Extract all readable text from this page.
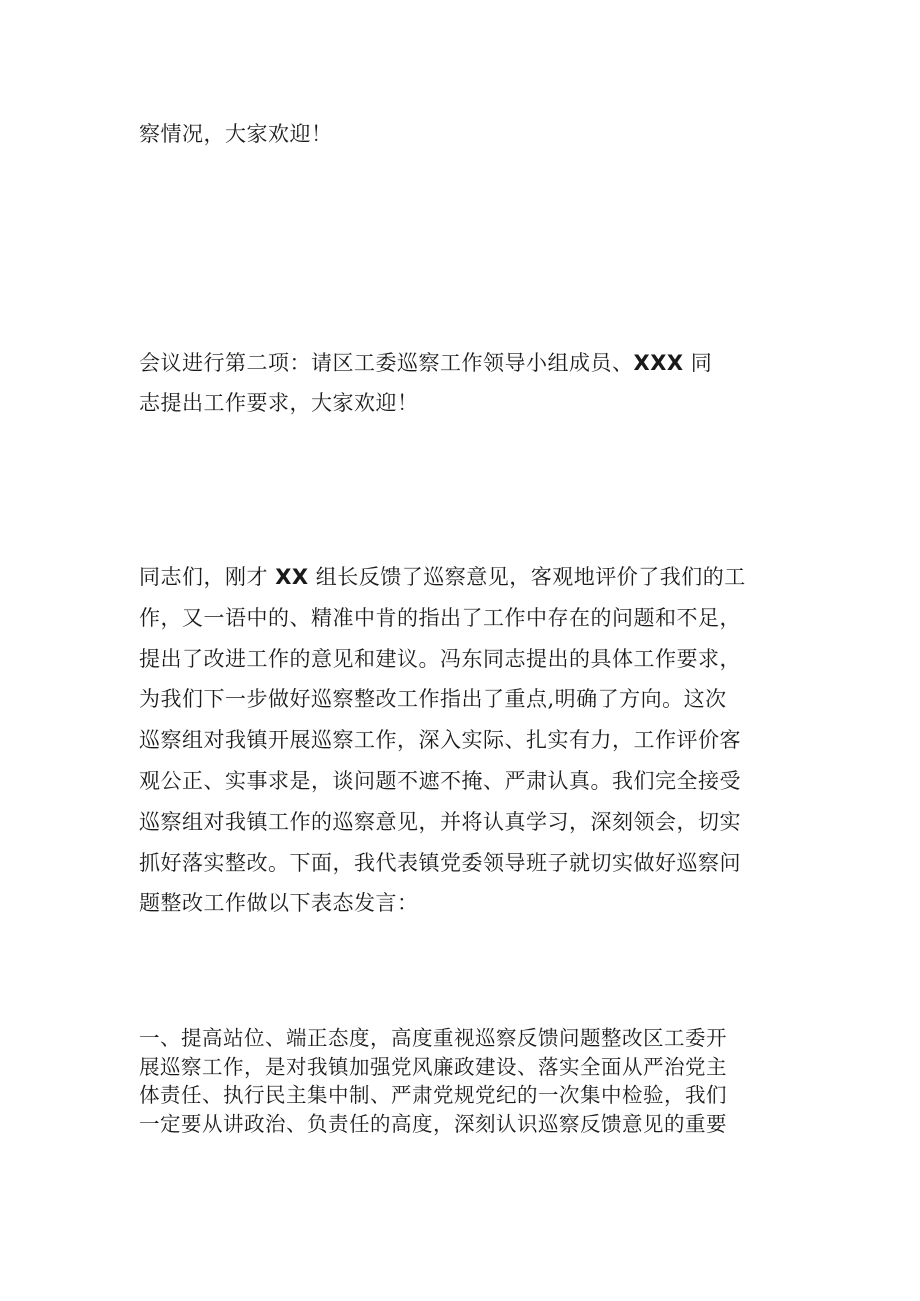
察情况，大家欢迎！
会议进行第二项：请区工委巡察工作领导小组成员、XXX 同
志提出工作要求，大家欢迎！
同志们，刚才 XX 组长反馈了巡察意见，客观地评价了我们的工
作，又一语中的、精准中肯的指出了工作中存在的问题和不足，
提出了改进工作的意见和建议。冯东同志提出的具体工作要求，
为我们下一步做好巡察整改工作指出了重点,明确了方向。这次
巡察组对我镇开展巡察工作，深入实际、扎实有力，工作评价客
观公正、实事求是，谈问题不遮不掩、严肃认真。我们完全接受
巡察组对我镇工作的巡察意见，并将认真学习，深刻领会，切实
抓好落实整改。下面，我代表镇党委领导班子就切实做好巡察问
题整改工作做以下表态发言：
一、提高站位、端正态度，高度重视巡察反馈问题整改区工委开
展巡察工作，是对我镇加强党风廉政建设、落实全面从严治党主
体责任、执行民主集中制、严肃党规党纪的一次集中检验，我们
一定要从讲政治、负责任的高度，深刻认识巡察反馈意见的重要
